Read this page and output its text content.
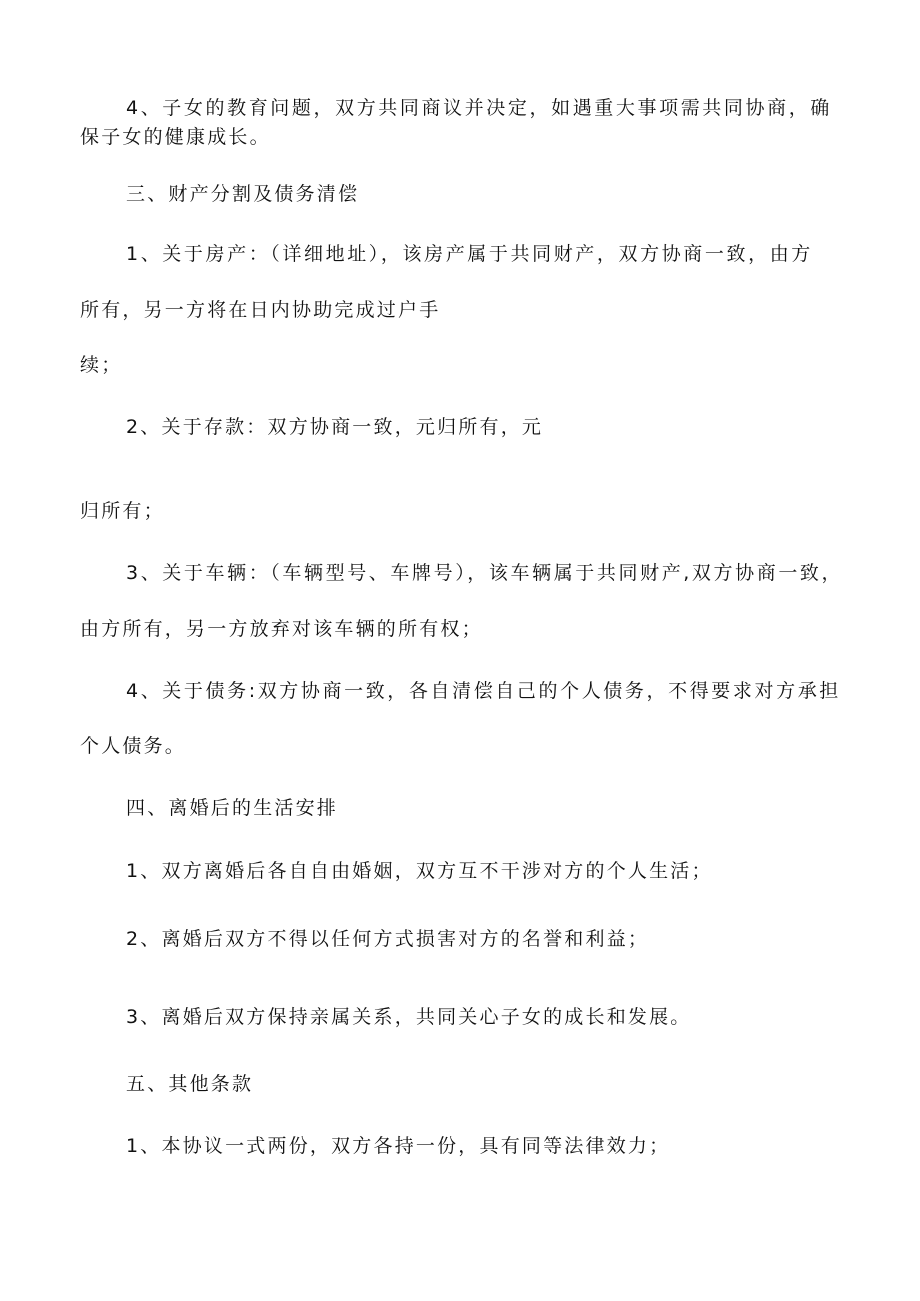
4、子女的教育问题，双方共同商议并决定，如遇重大事项需共同协商，确
保子女的健康成长。
三、财产分割及债务清偿
1、关于房产：（详细地址），该房产属于共同财产，双方协商一致，由方
所有，另一方将在日内协助完成过户手
续；
2、关于存款：双方协商一致，元归所有，元
归所有；
3、关于车辆：（车辆型号、车牌号），该车辆属于共同财产,双方协商一致，
由方所有，另一方放弃对该车辆的所有权；
4、关于债务:双方协商一致，各自清偿自己的个人债务，不得要求对方承担
个人债务。
四、离婚后的生活安排
1、双方离婚后各自自由婚姻，双方互不干涉对方的个人生活；
2、离婚后双方不得以任何方式损害对方的名誉和利益；
3、离婚后双方保持亲属关系，共同关心子女的成长和发展。
五、其他条款
1、本协议一式两份，双方各持一份，具有同等法律效力；
